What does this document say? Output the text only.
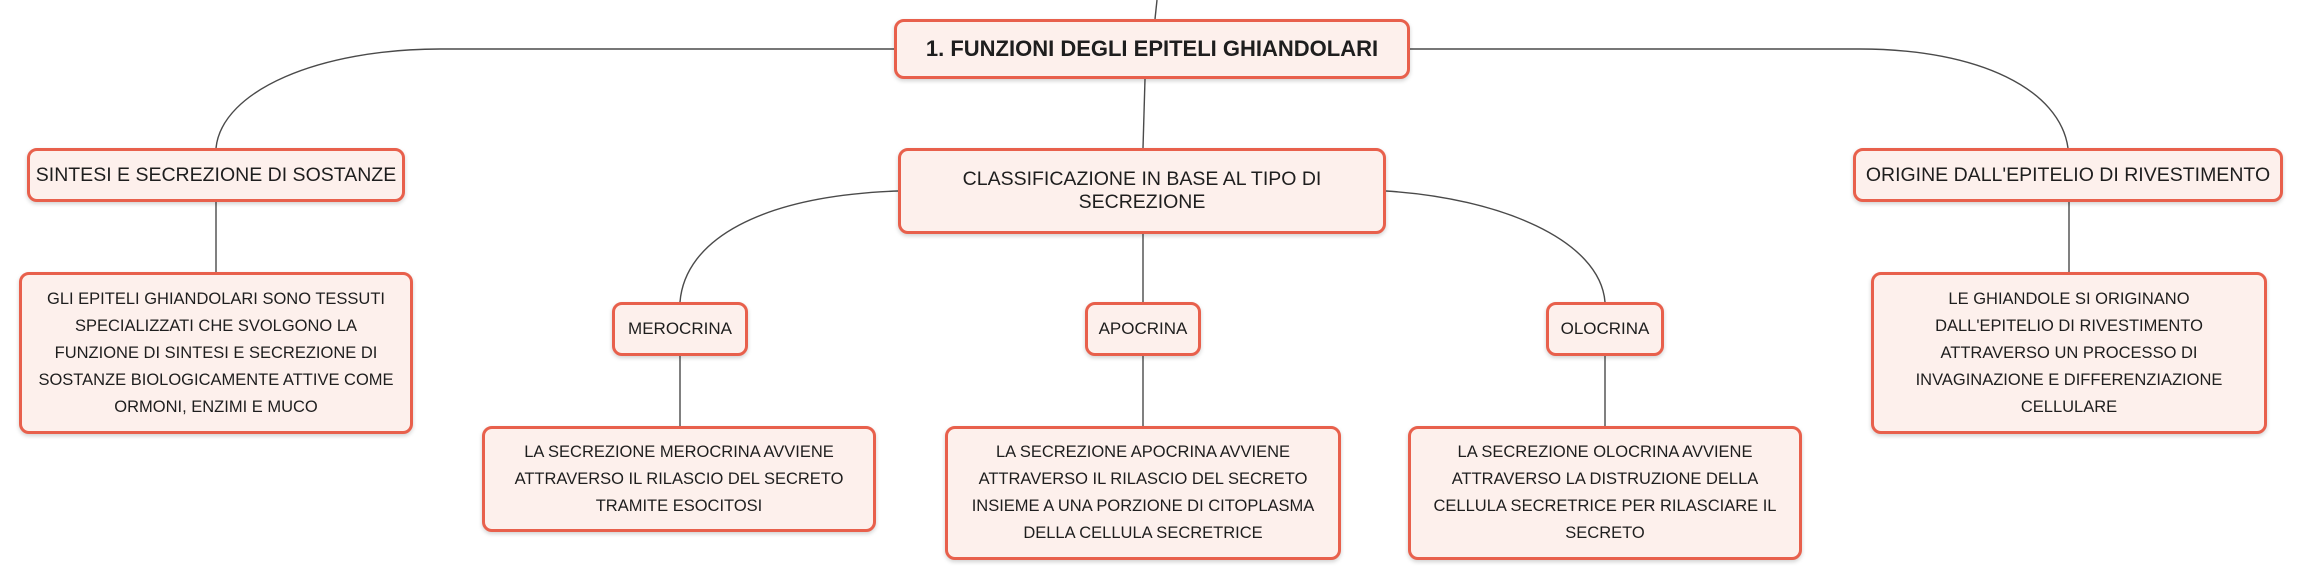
1. FUNZIONI DEGLI EPITELI GHIANDOLARI
SINTESI E SECREZIONE DI SOSTANZE	CLASSIFICAZIONE IN BASE AL TIPO DI SECREZIONE
ORIGINE DALL'EPITELIO DI RIVESTIMENTO
GLI EPITELI GHIANDOLARI SONO TESSUTI SPECIALIZZATI CHE SVOLGONO LA FUNZIONE DI SINTESI E SECREZIONE DI SOSTANZE BIOLOGICAMENTE ATTIVE COME ORMONI, ENZIMI E MUCO
LE GHIANDOLE SI ORIGINANO DALL'EPITELIO DI RIVESTIMENTO ATTRAVERSO UN PROCESSO DI INVAGINAZIONE E DIFFERENZIAZIONE CELLULARE
MEROCRINA	APOCRINA	OLOCRINA
LA SECREZIONE MEROCRINA AVVIENE ATTRAVERSO IL RILASCIO DEL SECRETO TRAMITE ESOCITOSI
LA SECREZIONE APOCRINA AVVIENE ATTRAVERSO IL RILASCIO DEL SECRETO INSIEME A UNA PORZIONE DI CITOPLASMA DELLA CELLULA SECRETRICE
LA SECREZIONE OLOCRINA AVVIENE ATTRAVERSO LA DISTRUZIONE DELLA CELLULA SECRETRICE PER RILASCIARE IL SECRETO
